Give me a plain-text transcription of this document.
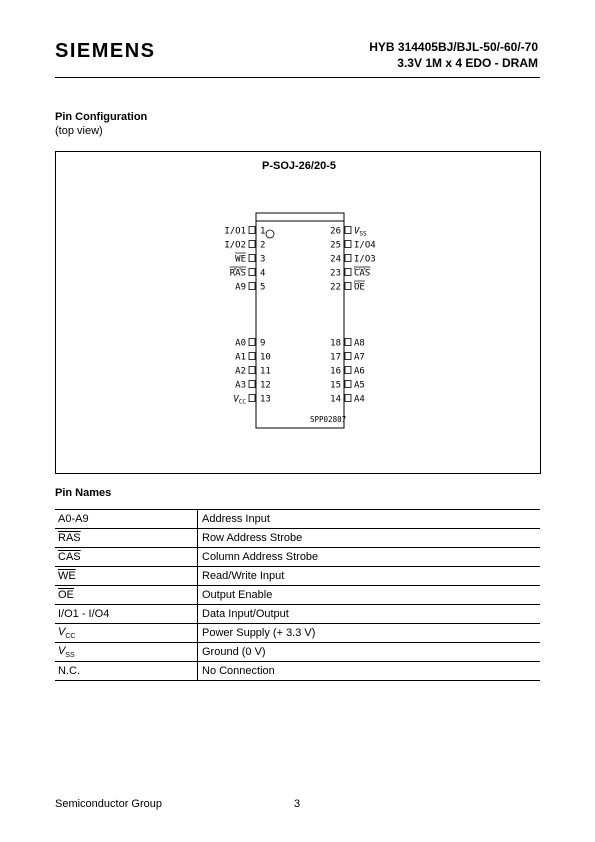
SIEMENS	HYB 314405BJ/BJL-50/-60/-70
3.3V 1M x 4 EDO - DRAM
Pin Configuration
(top view)
P-SOJ-26/20-5
1
I/O1
2
I/O2
3
WE
4
RAS
5
A9
9
A0
10
A1
11
A2
12
A3
13
$V_{CC}$
26 $V_{SS}$
25 I/O4
24 I/O3
23 CAS
22 OE
18 A8
17 A7
16 A6
15 A5
14 A4
SPP02807
Pin Names
A0-A9	Address Input
$\overline{RAS}$	Row Address Strobe
$\overline{CAS}$	Column Address Strobe
$\overline{WE}$	Read/Write Input
$\overline{OE}$	Output Enable
I/O1 - I/O4	Data Input/Output
$V_{CC}$	Power Supply (+ 3.3 V)
$V_{SS}$	Ground (0 V)
N.C.	No Connection
Semiconductor Group	3
